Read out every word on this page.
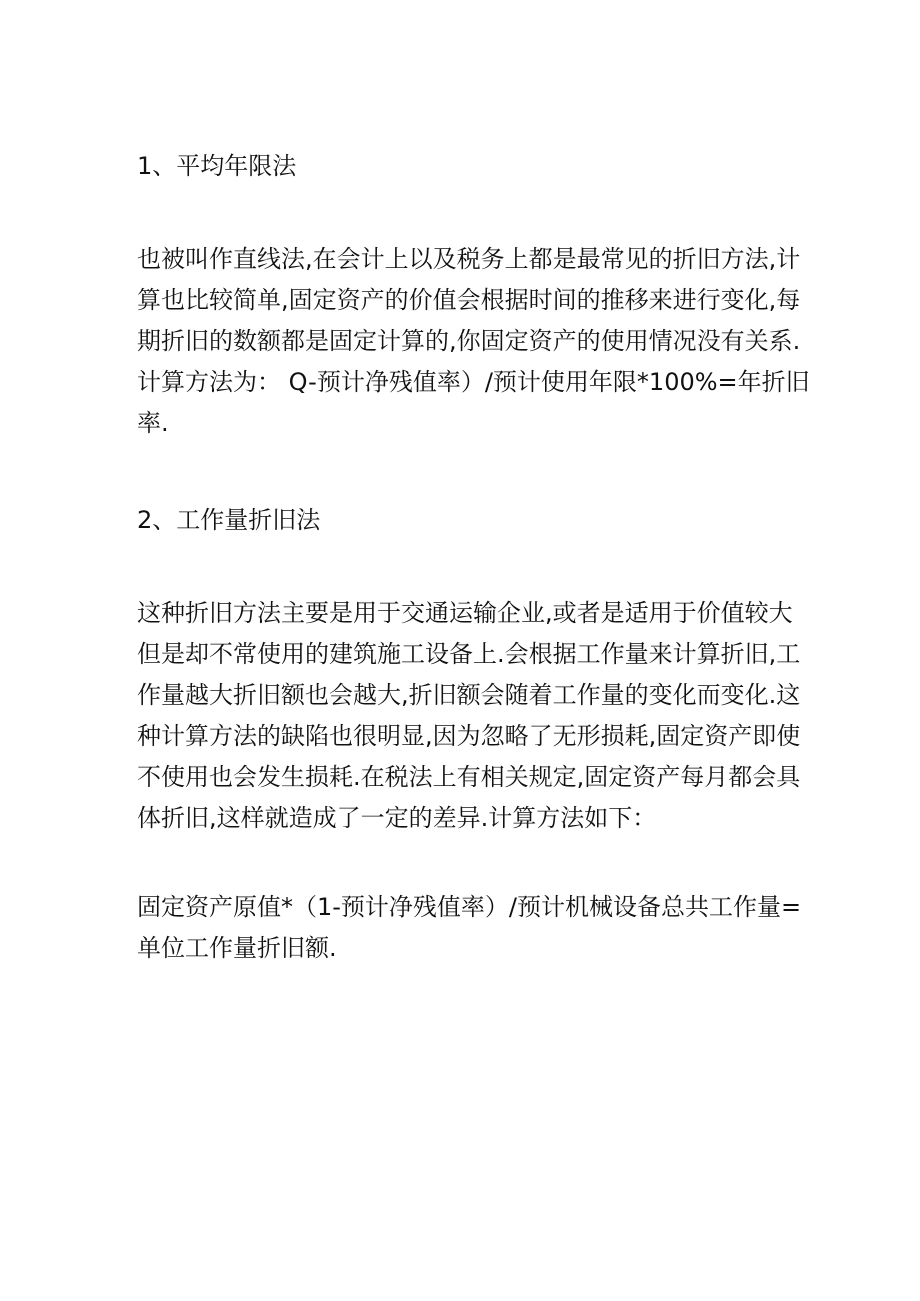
1、平均年限法

也被叫作直线法,在会计上以及税务上都是最常见的折旧方法,计
算也比较简单,固定资产的价值会根据时间的推移来进行变化,每
期折旧的数额都是固定计算的,你固定资产的使用情况没有关系.
计算方法为： Q-预计净残值率）/预计使用年限*100%=年折旧
率.

2、工作量折旧法

这种折旧方法主要是用于交通运输企业,或者是适用于价值较大
但是却不常使用的建筑施工设备上.会根据工作量来计算折旧,工
作量越大折旧额也会越大,折旧额会随着工作量的变化而变化.这
种计算方法的缺陷也很明显,因为忽略了无形损耗,固定资产即使
不使用也会发生损耗.在税法上有相关规定,固定资产每月都会具
体折旧,这样就造成了一定的差异.计算方法如下：

固定资产原值*（1-预计净残值率）/预计机械设备总共工作量=
单位工作量折旧额.
